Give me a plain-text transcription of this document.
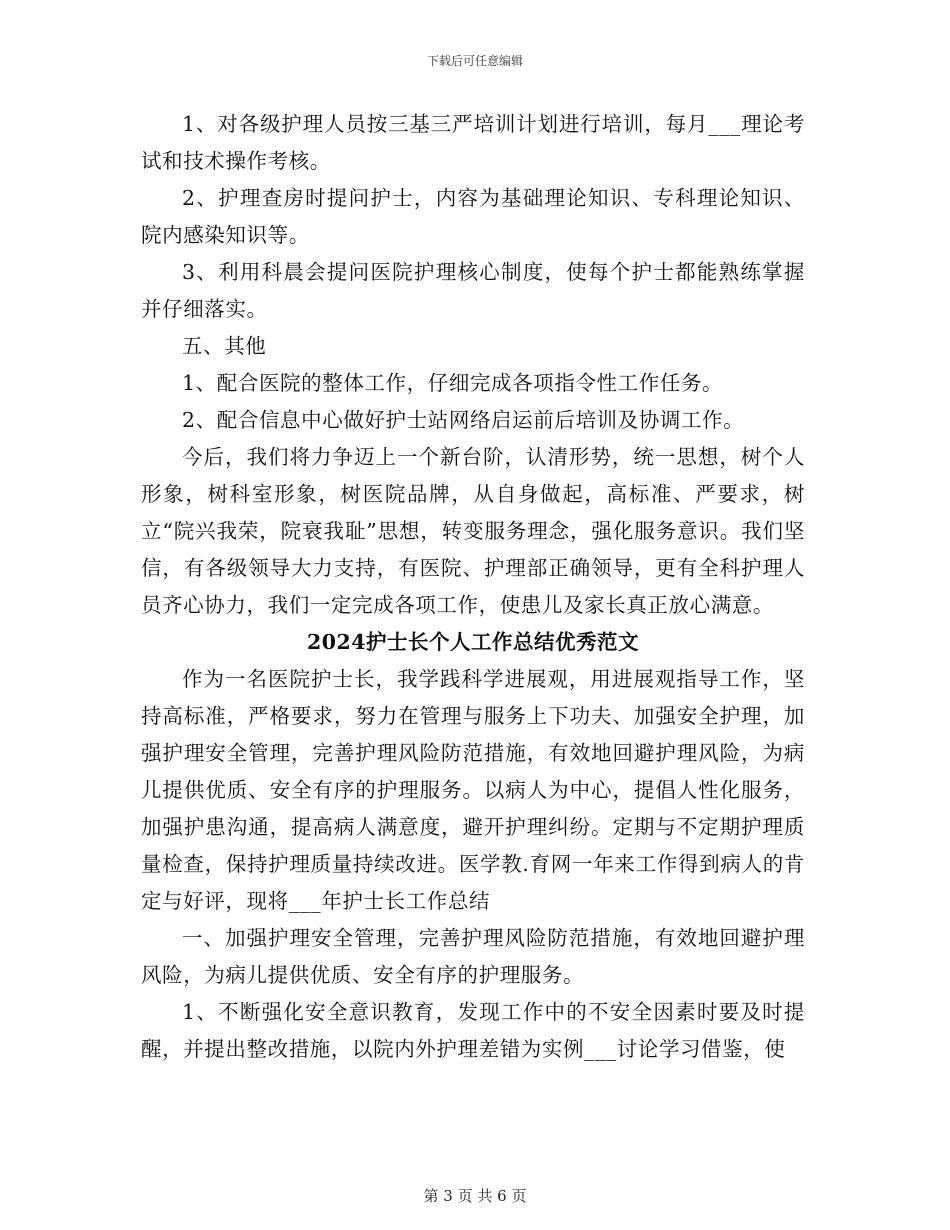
下载后可任意编辑

1、对各级护理人员按三基三严培训计划进行培训，每月___理论考试和技术操作考核。

2、护理查房时提问护士，内容为基础理论知识、专科理论知识、院内感染知识等。

3、利用科晨会提问医院护理核心制度，使每个护士都能熟练掌握并仔细落实。

五、其他

1、配合医院的整体工作，仔细完成各项指令性工作任务。

2、配合信息中心做好护士站网络启运前后培训及协调工作。

今后，我们将力争迈上一个新台阶，认清形势，统一思想，树个人形象，树科室形象，树医院品牌，从自身做起，高标准、严要求，树立“院兴我荣，院衰我耻”思想，转变服务理念，强化服务意识。我们坚信，有各级领导大力支持，有医院、护理部正确领导，更有全科护理人员齐心协力，我们一定完成各项工作，使患儿及家长真正放心满意。

2024护士长个人工作总结优秀范文

作为一名医院护士长，我学践科学进展观，用进展观指导工作，坚持高标准，严格要求，努力在管理与服务上下功夫、加强安全护理，加强护理安全管理，完善护理风险防范措施，有效地回避护理风险，为病儿提供优质、安全有序的护理服务。以病人为中心，提倡人性化服务，加强护患沟通，提高病人满意度，避开护理纠纷。定期与不定期护理质量检查，保持护理质量持续改进。医学教.育网一年来工作得到病人的肯定与好评，现将___年护士长工作总结

一、加强护理安全管理，完善护理风险防范措施，有效地回避护理风险，为病儿提供优质、安全有序的护理服务。

1、不断强化安全意识教育，发现工作中的不安全因素时要及时提醒，并提出整改措施，以院内外护理差错为实例___讨论学习借鉴，使

第 3 页 共 6 页
